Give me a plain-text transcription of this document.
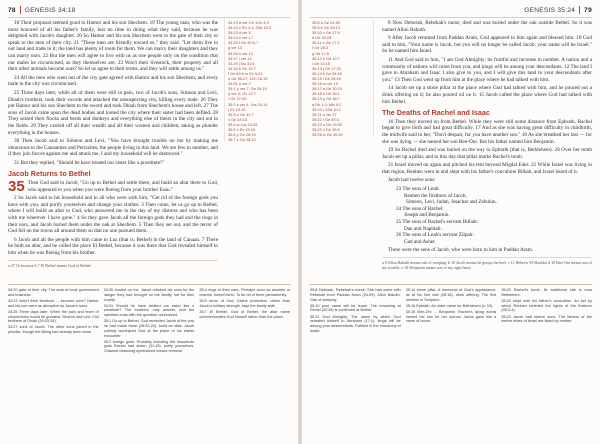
78 GENESIS 34:18

18 Their proposal seemed good to Hamor and his son Shechem. 19 The young man, who was the most honored of all his father's family, lost no time in doing what they said, because he was delighted with Jacob's daughter. 20 So Hamor and his son Shechem went to the gate of their city to speak to the men of their city. 21 "These men are friendly toward us," they said. "Let them live in our land and trade in it; the land has plenty of room for them. We can marry their daughters and they can marry ours. 22 But the men will agree to live with us as one people only on the condition that our males be circumcised, as they themselves are. 23 Won't their livestock, their property and all their other animals become ours? So let us agree to their terms, and they will settle among us."

24 All the men who went out of the city gate agreed with Hamor and his son Shechem, and every male in the city was circumcised.

25 Three days later, while all of them were still in pain, two of Jacob's sons, Simeon and Levi, Dinah's brothers, took their swords and attacked the unsuspecting city, killing every male. 26 They put Hamor and his son Shechem to the sword and took Dinah from Shechem's house and left. 27 The sons of Jacob came upon the dead bodies and looted the city where their sister had been defiled. 28 They seized their flocks and herds and donkeys and everything else of theirs in the city and out in the fields. 29 They carried off all their wealth and all their women and children, taking as plunder everything in the houses.

30 Then Jacob said to Simeon and Levi, "You have brought trouble on me by making me obnoxious to the Canaanites and Perizzites, the people living in this land. We are few in number, and if they join forces against me and attack me, I and my household will be destroyed."

31 But they replied, "Should he have treated our sister like a prostitute?"

Jacob Returns to Bethel

35 Then God said to Jacob, "Go up to Bethel and settle there, and build an altar there to God, who appeared to you when you were fleeing from your brother Esau."

2 So Jacob said to his household and to all who were with him, "Get rid of the foreign gods you have with you, and purify yourselves and change your clothes. 3 Then come, let us go up to Bethel, where I will build an altar to God, who answered me in the day of my distress and who has been with me wherever I have gone." 4 So they gave Jacob all the foreign gods they had and the rings in their ears, and Jacob buried them under the oak at Shechem. 5 Then they set out, and the terror of God fell on the towns all around them so that no one pursued them.

6 Jacob and all the people with him came to Luz (that is, Bethel) in the land of Canaan. 7 There he built an altar, and he called the place El Bethel, because it was there that God revealed himself to him when he was fleeing from his brother.

a 27 Or because b 7 El Bethel means God of Bethel.

34:19 a ver 3 b 1Ch 4:9

34:20 c Ru 4:1; 2Sa 15:2

34:23 d ver 5

34:24 e ver 17

34:25 f Ge 49:5-7

g ver 13

34:26 h ver 12

34:27 i ver 13

34:29 j Nu 31:9

34:30 k Ge 13:7

l Ge 49:6 m Ex 5:21

n Ge 46:27; 1Ch 16:19

34:31 o ver 2

35:1 p ver 7; Ge 28:19

q ver 3; Ge 12:7

r Ge 27:43

35:2 s ver 4; Jos 24:14

t Ex 19:10

35:3 u Ge 32:7

v Ge 28:15

35:4 w Jos 24:26

35:5 x Ex 15:16

35:6 y Ge 28:19

35:7 z Ge 28:13

34:20 gate of their city. The seat of local government and business.

34:23 Won't their livestock ... become ours? Hamor and his son were as deceptive as Jacob's sons.

34:25 Three days later. When the pain and fever of circumcision would be greatest. Simeon and Levi. Full brothers of Dinah (29:33-34).

34:27 sons of Jacob. The other sons joined in the plunder, though the killing had already been done.

34:30 trouble on me. Jacob rebuked his sons for the danger they had brought on the family, not for their cruelty.

34:31 Should he have treated our sister like a prostitute? The brothers' only answer, and the narrative ends with the question unresolved.

35:1 Go up to Bethel. God reminded Jacob of the vow he had made there (28:20-22). build an altar. Jacob publicly worshiped God at the place of his earlier encounter.

35:2 foreign gods. Probably including the household gods Rachel had stolen (31:19). purify yourselves. Outward cleansing symbolized inward renewal.

35:4 rings in their ears. Perhaps worn as amulets or charms. buried them. To be rid of them permanently.

35:5 terror of God. Divine protection, rather than Jacob's military strength, kept the family safe.

35:7 El Bethel. God of Bethel; the altar name commemorates God himself rather than the place.

GENESIS 35:24 79

35:8 a Ge 24:59

35:9 b Ge 28:13

35:10 c Ge 17:5

d Ge 32:28

35:11 e Ge 17:1

f Ge 28:3

g Ge 17:6

35:12 h Ge 12:7

i Ge 13:15

35:13 j Ge 17:22

35:14 k Ge 28:18

35:15 l Ge 28:19

35:16 m ver 19

35:17 n Ge 30:24

35:18 o Ge 30:1

35:19 p Ge 48:7

q Ru 1:2; Mic 5:2

35:20 r 1Sa 10:2

35:21 s ver 27

35:22 t Ge 49:4

35:23 u Ge 29:32

35:25 v Ge 30:6

35:26 w Ge 30:10

8 Now Deborah, Rebekah's nurse, died and was buried under the oak outside Bethel. So it was named Allon Bakuth.

9 After Jacob returned from Paddan Aram, God appeared to him again and blessed him. 10 God said to him, "Your name is Jacob, but you will no longer be called Jacob; your name will be Israel." So he named him Israel.

11 And God said to him, "I am God Almighty; be fruitful and increase in number. A nation and a community of nations will come from you, and kings will be among your descendants. 12 The land I gave to Abraham and Isaac I also give to you, and I will give this land to your descendants after you." 13 Then God went up from him at the place where he had talked with him.

14 Jacob set up a stone pillar at the place where God had talked with him, and he poured out a drink offering on it; he also poured oil on it. 15 Jacob called the place where God had talked with him Bethel.

The Deaths of Rachel and Isaac

16 Then they moved on from Bethel. While they were still some distance from Ephrath, Rachel began to give birth and had great difficulty. 17 And as she was having great difficulty in childbirth, the midwife said to her, "Don't despair, for you have another son." 18 As she breathed her last — for she was dying — she named her son Ben-Oni. But his father named him Benjamin.

19 So Rachel died and was buried on the way to Ephrath (that is, Bethlehem). 20 Over her tomb Jacob set up a pillar, and to this day that pillar marks Rachel's tomb.

21 Israel moved on again and pitched his tent beyond Migdal Eder. 22 While Israel was living in that region, Reuben went in and slept with his father's concubine Bilhah, and Israel heard of it.

Jacob had twelve sons:

23 The sons of Leah:
Reuben the firstborn of Jacob,
Simeon, Levi, Judah, Issachar and Zebulun.
24 The sons of Rachel:
Joseph and Benjamin.
25 The sons of Rachel's servant Bilhah:
Dan and Naphtali.
26 The sons of Leah's servant Zilpah:
Gad and Asher.

These were the sons of Jacob, who were born to him in Paddan Aram.

a 8 Allon Bakuth means oak of weeping. b 10 Jacob means he grasps the heel. c 11 Hebrew El-Shaddai d 18 Ben-Oni means son of my trouble. e 18 Benjamin means son of my right hand.

35:8 Deborah, Rebekah's nurse. She had come with Rebekah from Paddan Aram (24:59). Allon Bakuth. Oak of weeping.

35:10 your name will be Israel. The renaming at Peniel (32:28) is confirmed at Bethel.

35:11 God Almighty. The name by which God revealed himself to Abraham (17:1). kings will be among your descendants. Fulfilled in the monarchy of Israel.

35:14 stone pillar. A memorial of God's appearance, as at his first visit (28:18). drink offering. The first mention in Scripture.

35:16 Ephrath. An older name for Bethlehem (v. 19).

35:18 Ben-Oni ... Benjamin. Rachel's dying words named her son for her sorrow; Jacob gave him a name of honor.

35:20 Rachel's tomb. Its traditional site is near Bethlehem.

35:22 slept with his father's concubine. An act by which Reuben forfeited the rights of the firstborn (49:3-4).

35:23 Jacob had twelve sons. The fathers of the twelve tribes of Israel are listed by mother.
